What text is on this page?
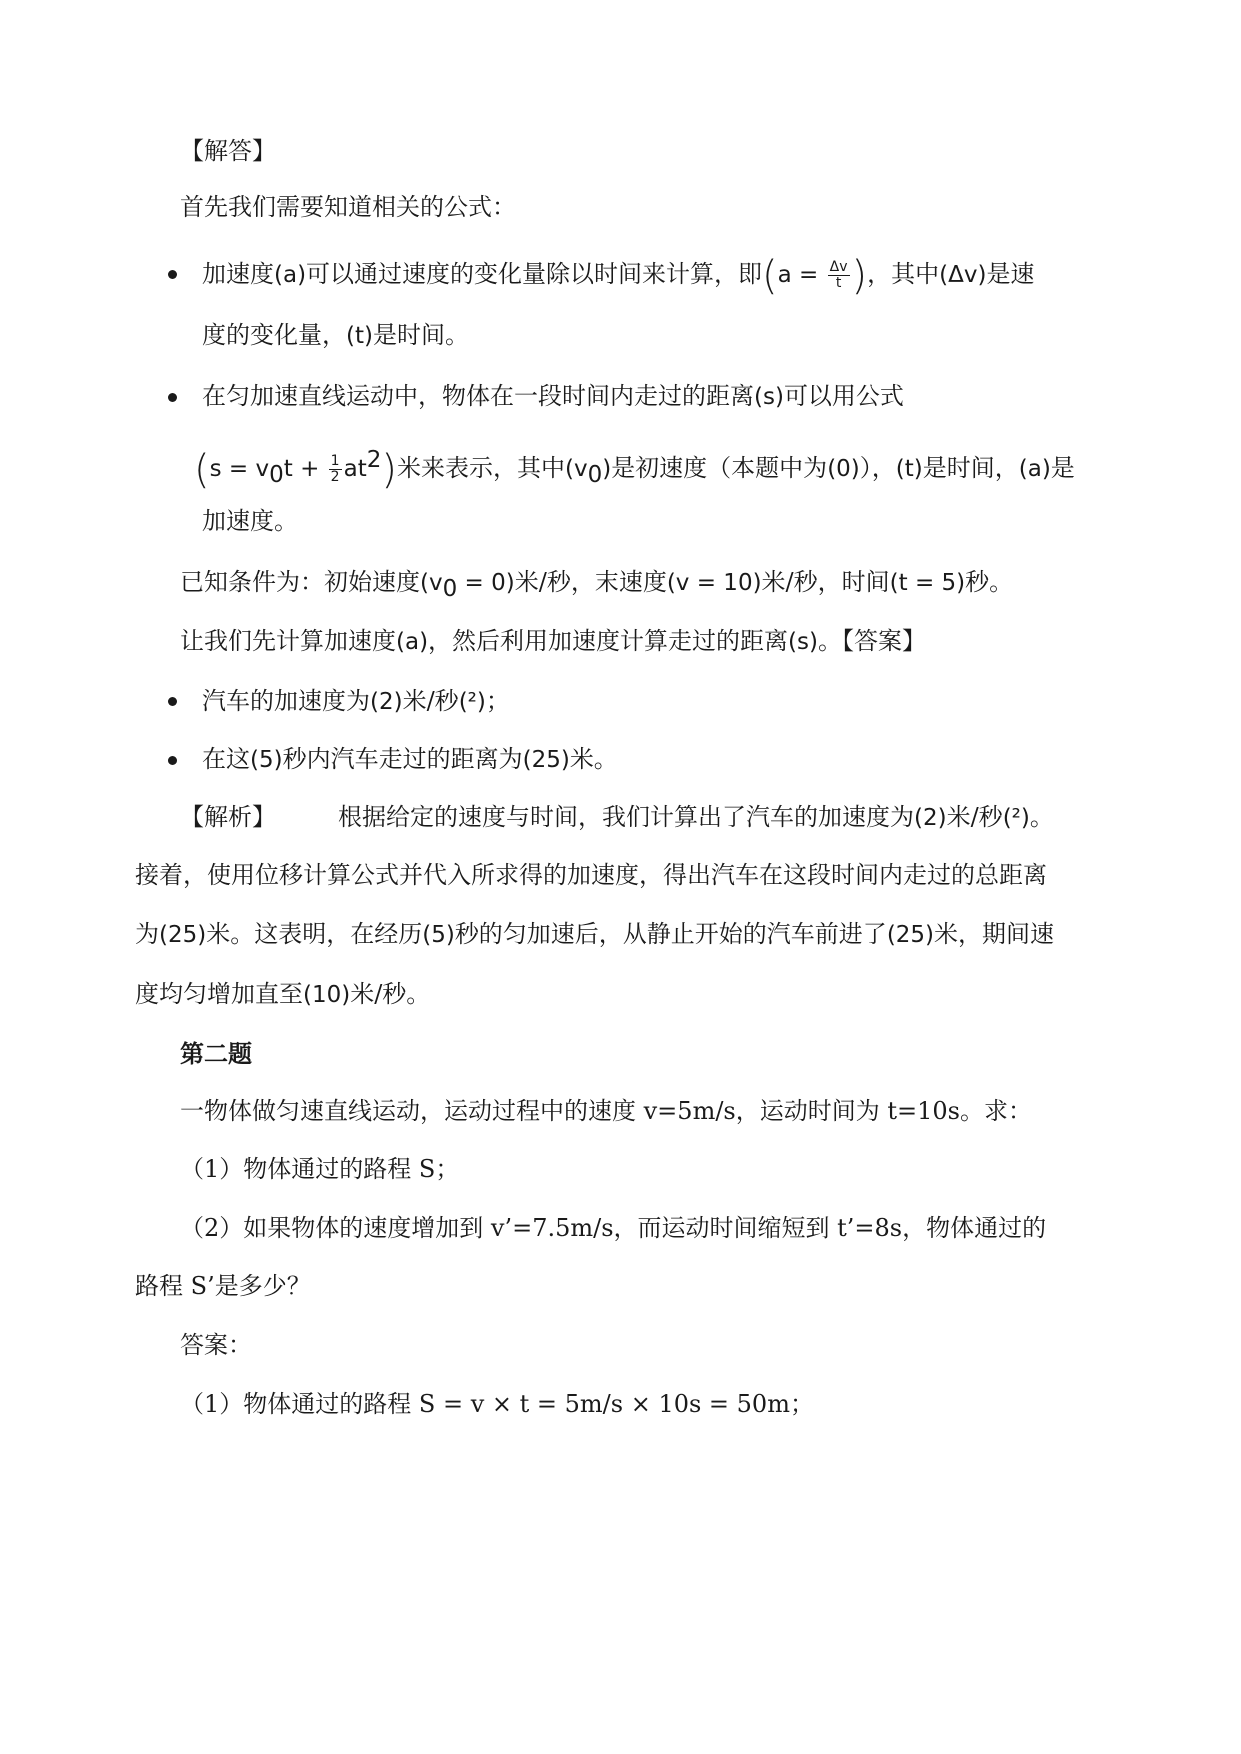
【解答】
首先我们需要知道相关的公式：
加速度(a)可以通过速度的变化量除以时间来计算，即($a = \frac{\Delta v}{t}$ )，其中(Δv)是速
度的变化量，(t)是时间。
在匀加速直线运动中，物体在一段时间内走过的距离(s)可以用公式
$(s = v_0t + \frac{1}{2} at^2)$米来表示，其中$(v_0)$是初速度（本题中为(0)），(t)是时间，(a)是
加速度。
已知条件为：初始速度$(v_0 = 0)$米/秒，末速度(v = 10)米/秒，时间(t = 5)秒。
让我们先计算加速度(a)，然后利用加速度计算走过的距离(s)。【答案】
汽车的加速度为(2)米/秒(²)；
在这(5)秒内汽车走过的距离为(25)米。
【解析】	根据给定的速度与时间，我们计算出了汽车的加速度为(2)米/秒(²)。
接着，使用位移计算公式并代入所求得的加速度，得出汽车在这段时间内走过的总距离
为(25)米。这表明，在经历(5)秒的匀加速后，从静止开始的汽车前进了(25)米，期间速
度均匀增加直至(10)米/秒。
第二题
一物体做匀速直线运动，运动过程中的速度 v=5m/s，运动时间为 t=10s。求：
（1）物体通过的路程 S；
（2）如果物体的速度增加到 v’=7.5m/s，而运动时间缩短到 t’=8s，物体通过的
路程 S’是多少？
答案：
（1）物体通过的路程 S = v × t = 5m/s × 10s = 50m；
